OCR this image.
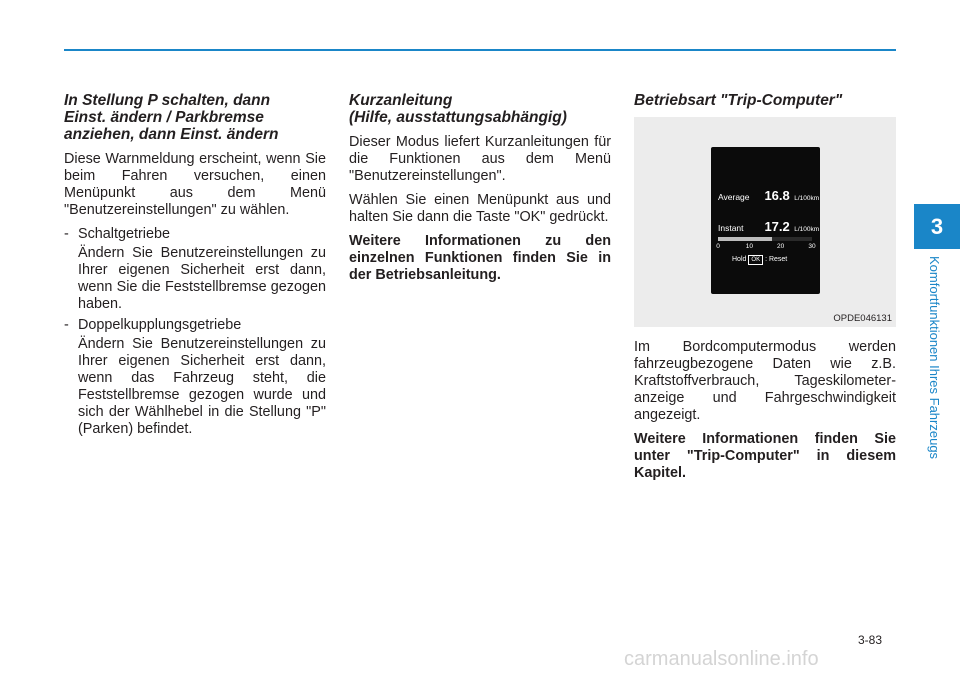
In Stellung P schalten, dann
Einst. ändern / Parkbremse
anziehen, dann Einst. ändern

Diese Warnmeldung erscheint, wenn Sie beim Fahren versuchen, einen Menüpunkt aus dem Menü "Benutzereinstellungen" zu wählen.

- Schaltgetriebe

Ändern Sie Benutzereinstellungen zu Ihrer eigenen Sicherheit erst dann, wenn Sie die Feststellbremse gezogen haben.

- Doppelkupplungsgetriebe

Ändern Sie Benutzereinstellungen zu Ihrer eigenen Sicherheit erst dann, wenn das Fahrzeug steht, die Feststellbremse gezogen wurde und sich der Wählhebel in die Stellung "P" (Parken) befindet.

Kurzanleitung
(Hilfe, ausstattungsabhängig)

Dieser Modus liefert Kurzanleitungen für die Funktionen aus dem Menü "Benutzereinstellungen".

Wählen Sie einen Menüpunkt aus und halten Sie dann die Taste "OK" gedrückt.

Weitere Informationen zu den einzelnen Funktionen finden Sie in der Betriebsanleitung.

Betriebsart "Trip-Computer"
Average 16.8 L/100km
Instant 17.2 L/100km
0	10	20	30
Hold OK : Reset
OPDE046131

Im Bordcomputermodus werden fahrzeugbezogene Daten wie z.B. Kraftstoffverbrauch, Tageskilometer-anzeige und Fahrgeschwindigkeit angezeigt.

Weitere Informationen finden Sie unter "Trip-Computer" in diesem Kapitel.

3
Komfortfunktionen Ihres Fahrzeugs
3-83
carmanualsonline.info
